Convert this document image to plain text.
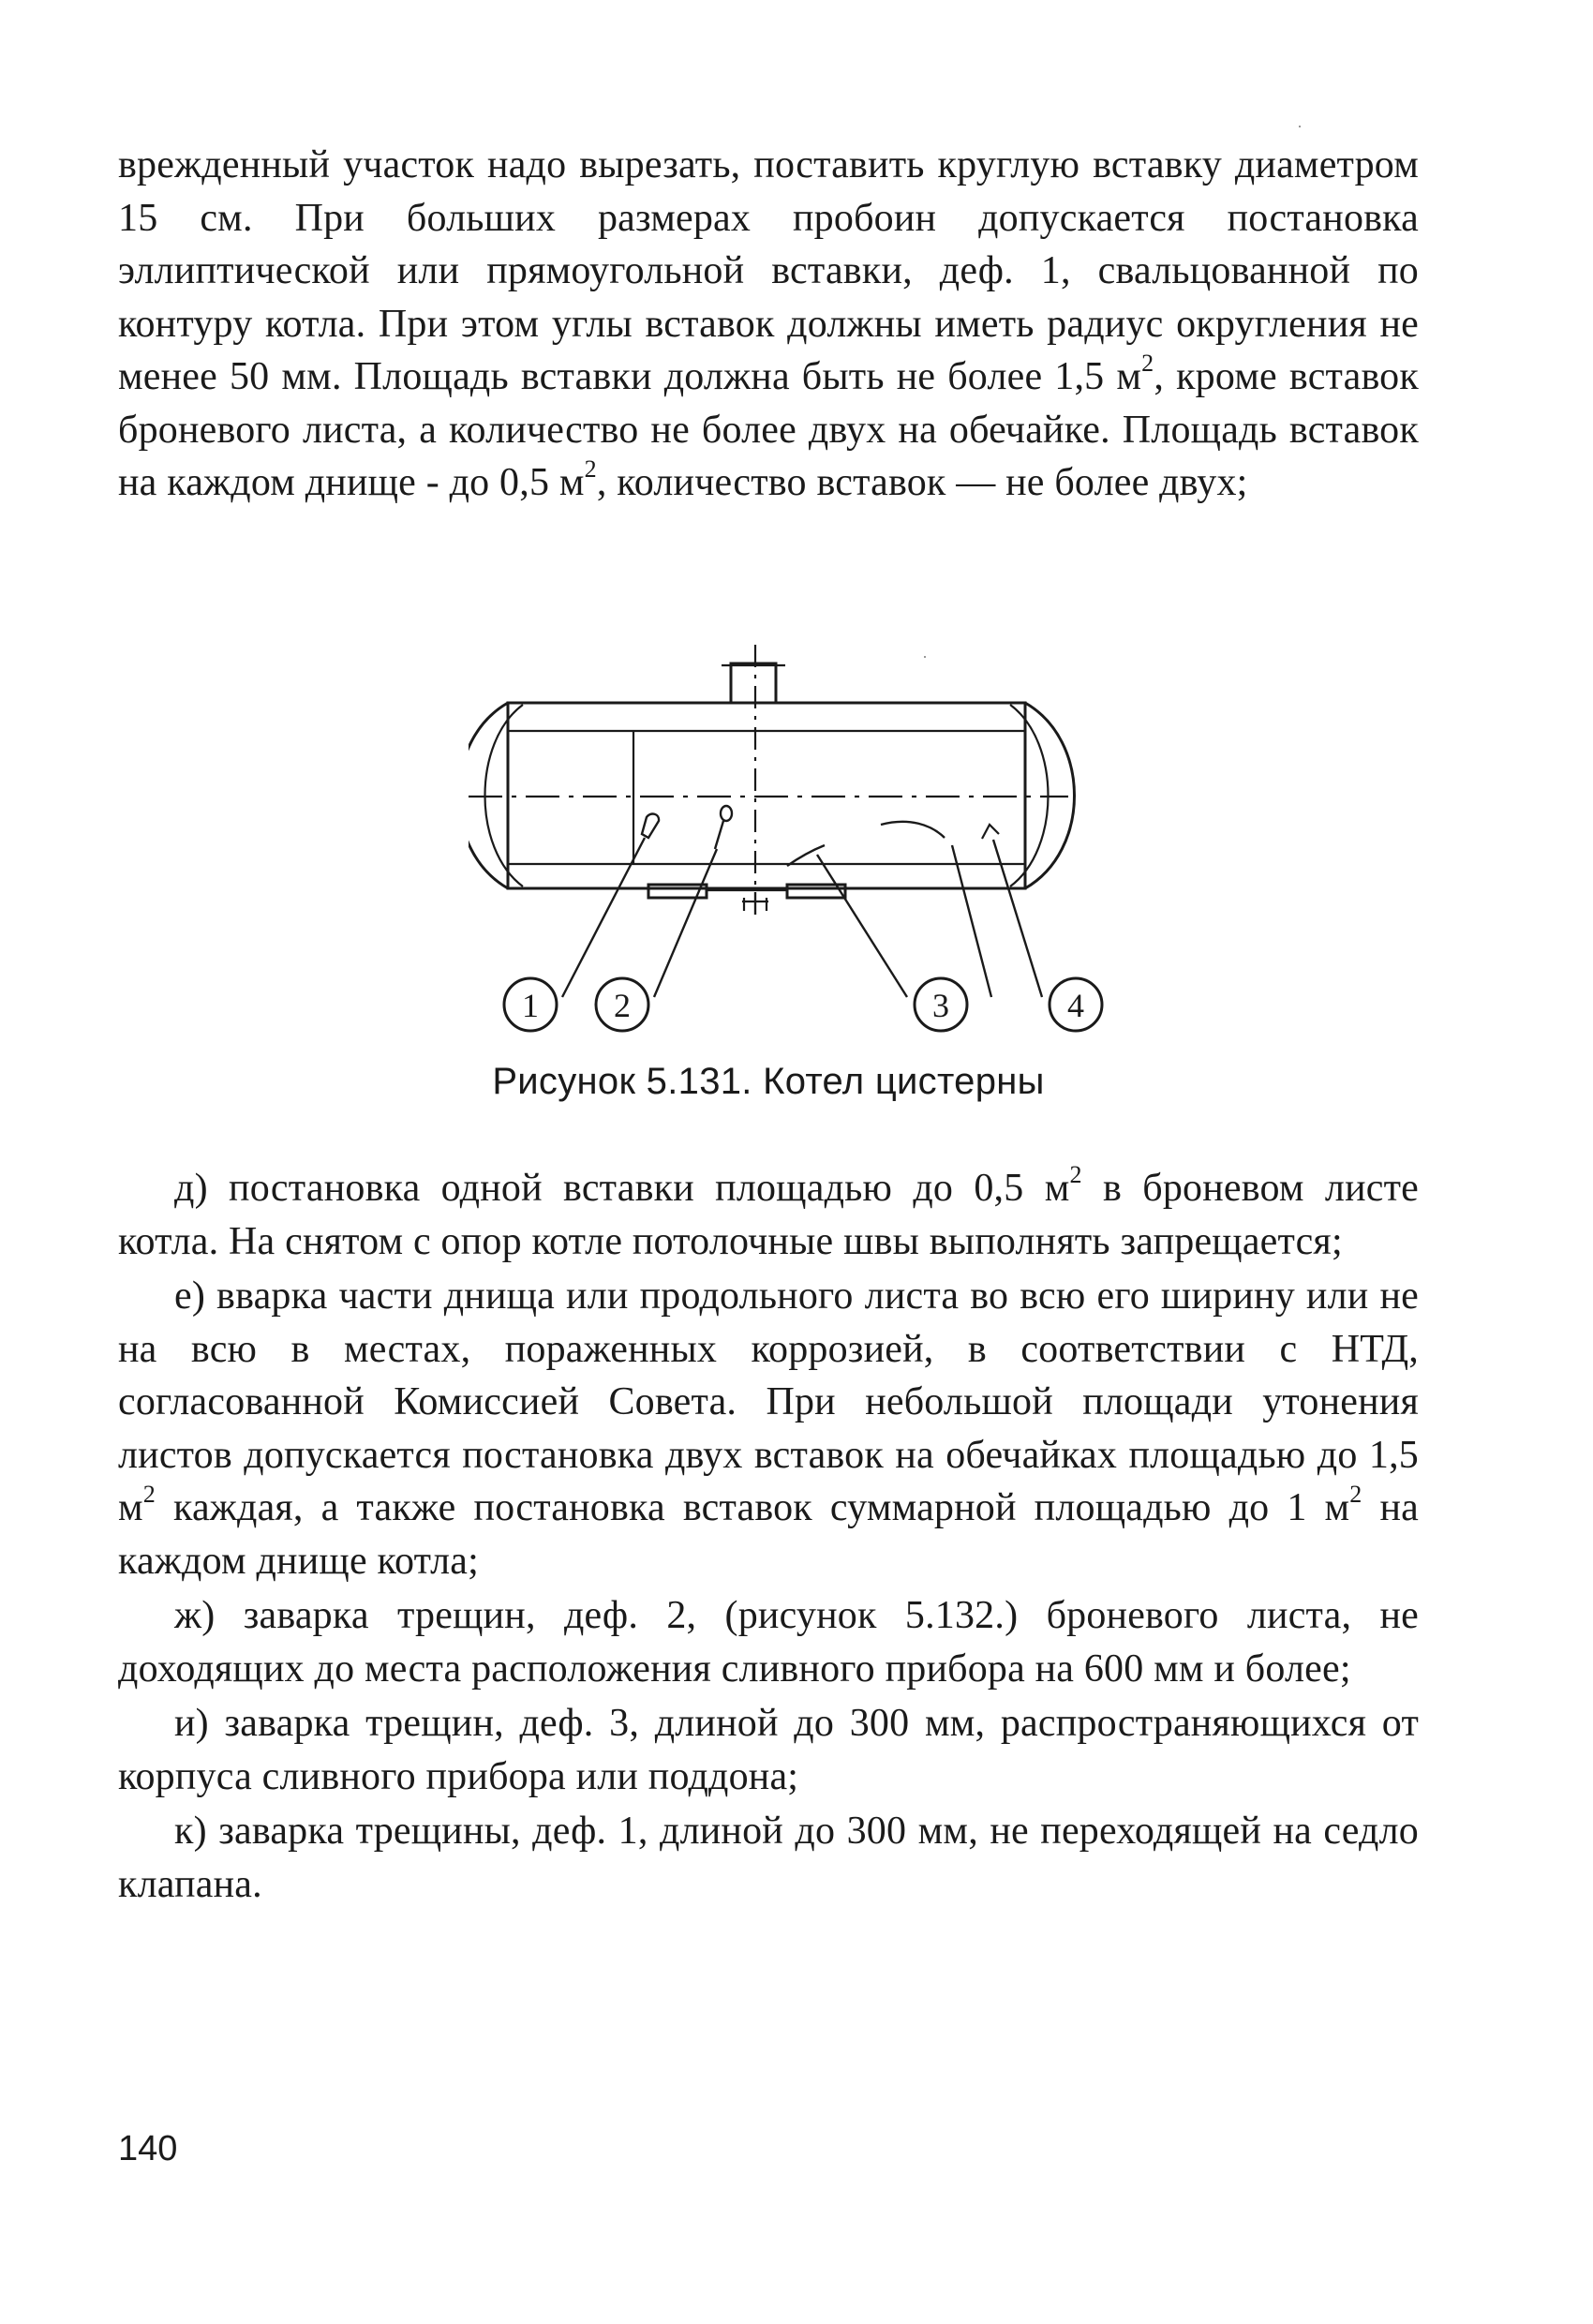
врежденный участок надо вырезать, поставить круглую вставку диаметром 15 см. При больших размерах пробоин допускается постановка эллиптической или прямоугольной вставки, деф. 1, свальцованной по контуру котла. При этом углы вставок должны иметь радиус округления не менее 50 мм. Площадь вставки должна быть не более 1,5 $м^2$, кроме вставок броневого листа, а количество не более двух на обечайке. Площадь вставок на каждом днище - до 0,5 $м^2$, количество вставок — не более двух;
1 2	3	4
Рисунок 5.131. Котел цистерны

д) постановка одной вставки площадью до 0,5 $м^2$ в броневом листе котла. На снятом с опор котле потолочные швы выполнять запрещается;

е) вварка части днища или продольного листа во всю его ширину или не на всю в местах, пораженных коррозией, в соответствии с НТД, согласованной Комиссией Совета. При небольшой площади утонения листов допускается постановка двух вставок на обечайках площадью до 1,5 $м^2$ каждая, а также постановка вставок суммарной площадью до 1 $м^2$ на каждом днище котла;

ж) заварка трещин, деф. 2, (рисунок 5.132.) броневого листа, не доходящих до места расположения сливного прибора на 600 мм и более;

и) заварка трещин, деф. 3, длиной до 300 мм, распространяющихся от корпуса сливного прибора или поддона;

к) заварка трещины, деф. 1, длиной до 300 мм, не переходящей на седло клапана.

140
